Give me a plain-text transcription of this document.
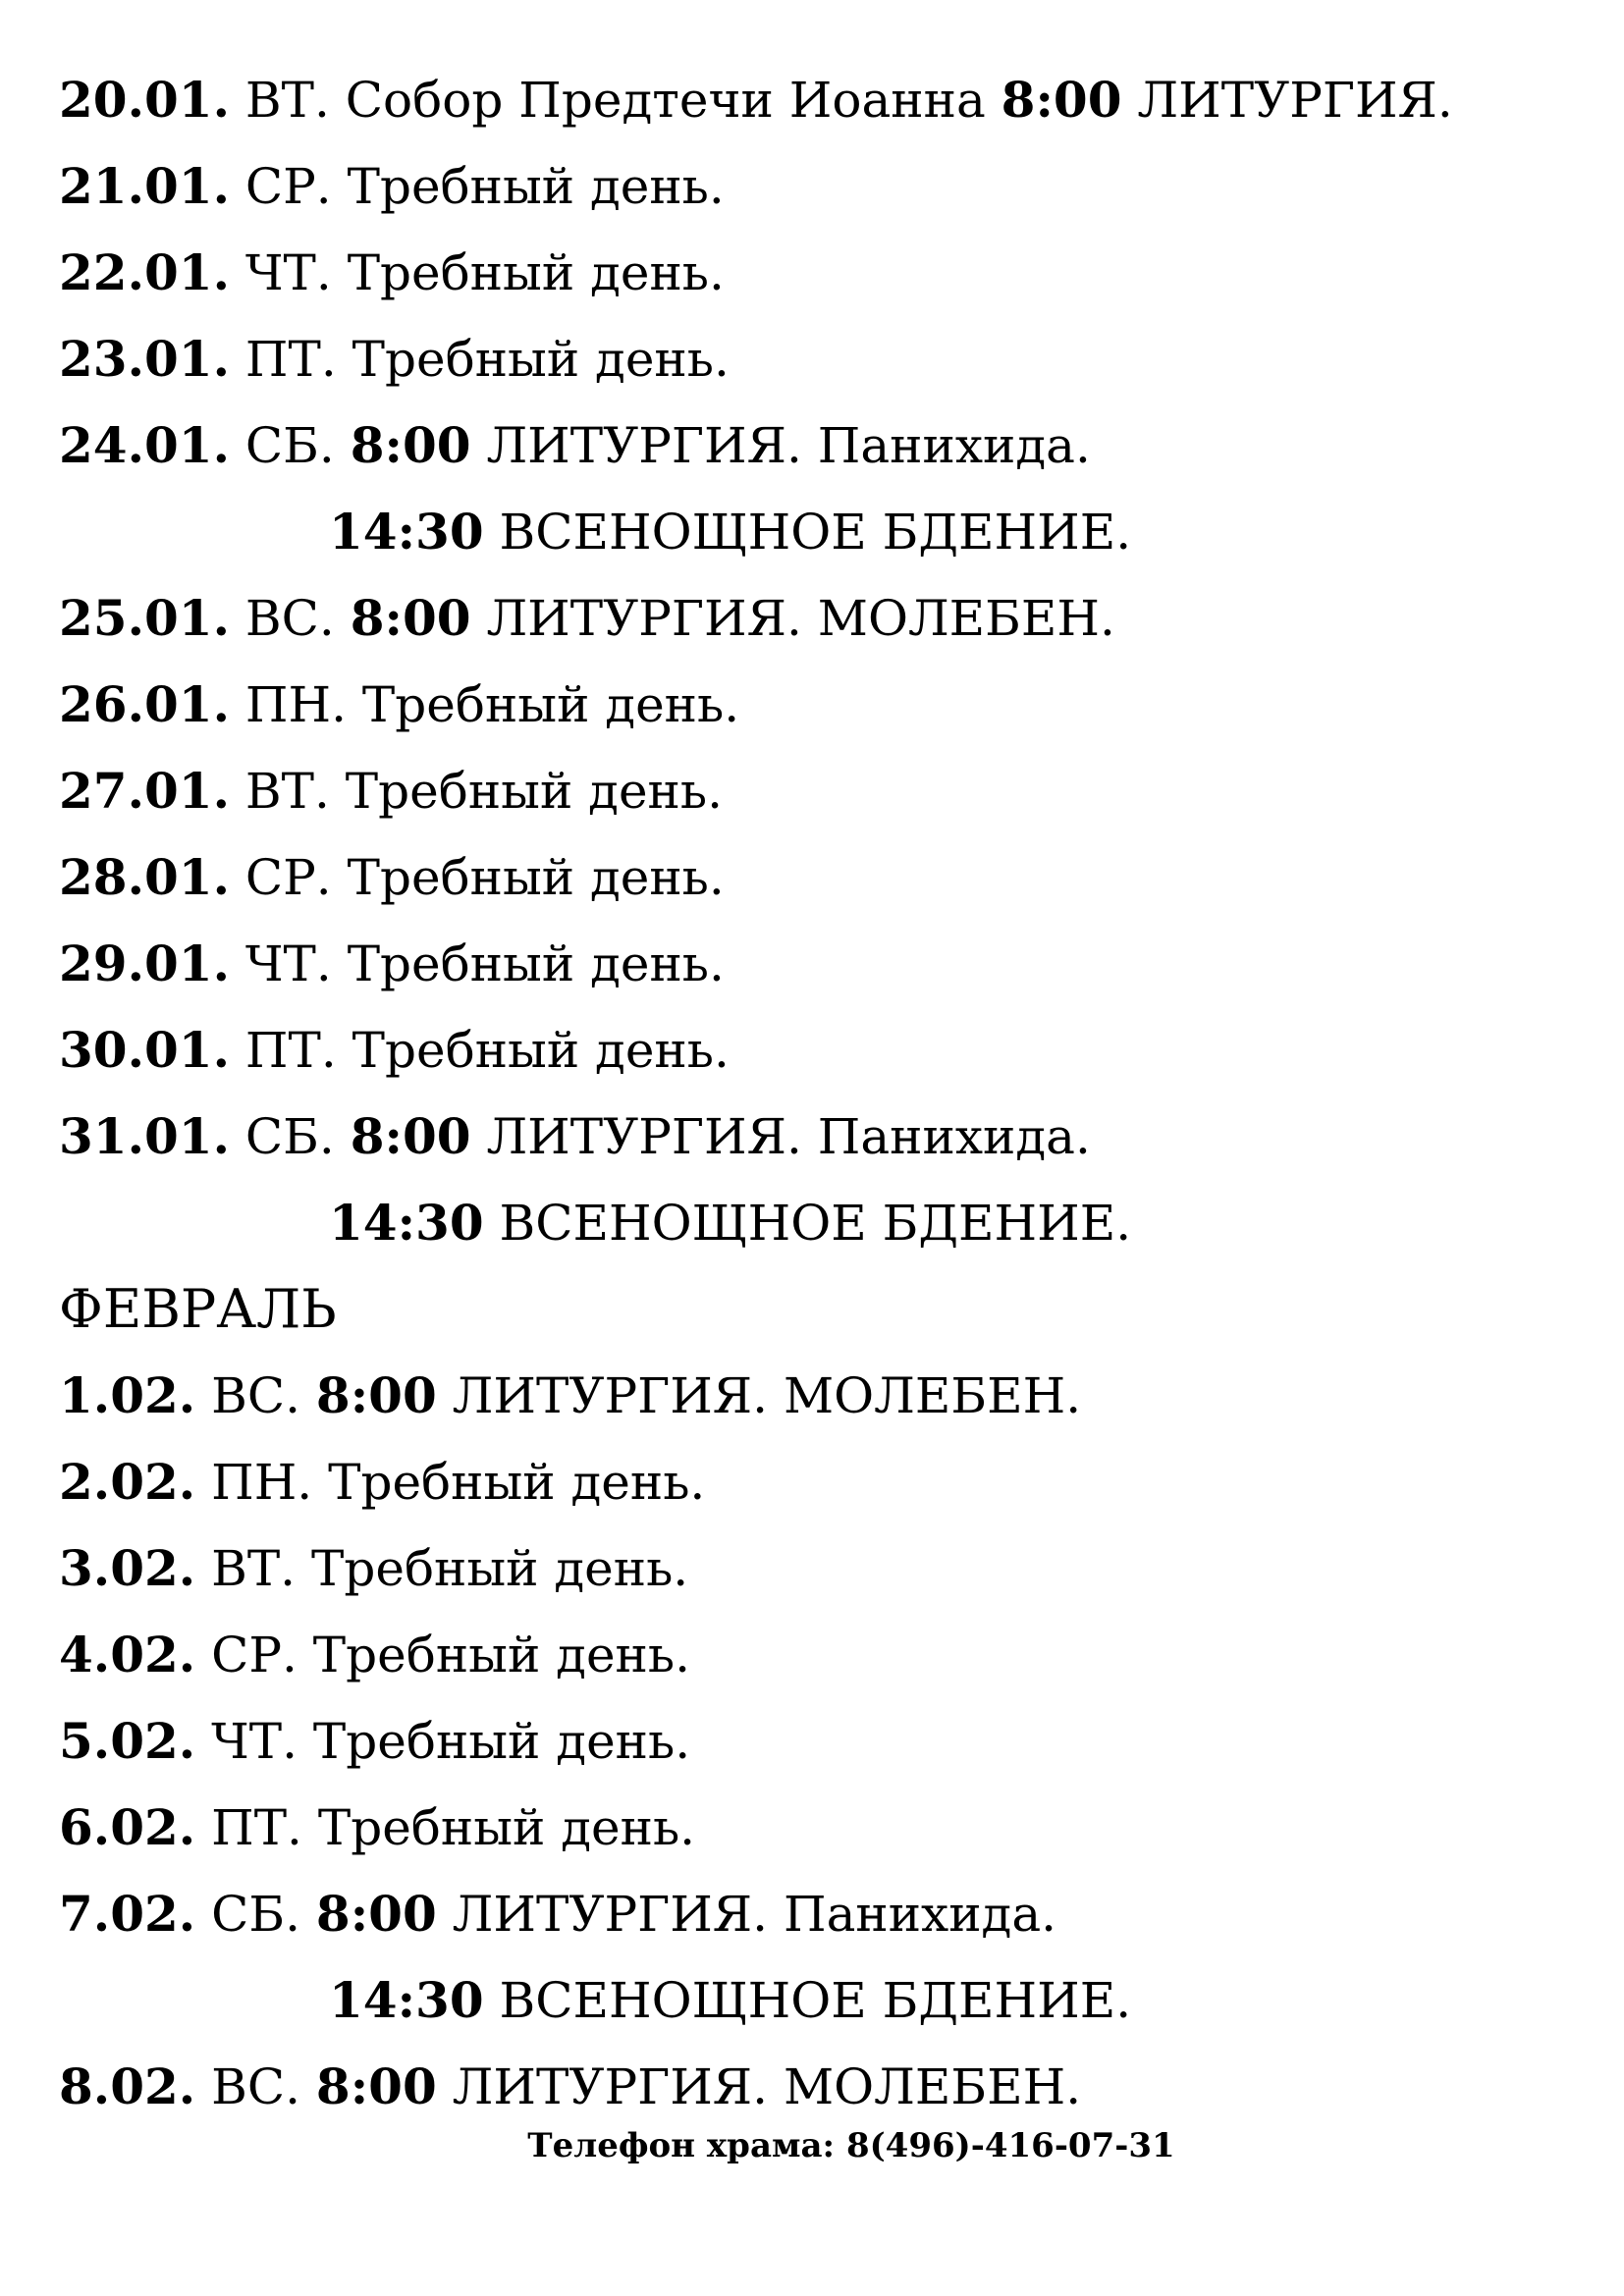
20.01. ВТ. Собор Предтечи Иоанна 8:00 ЛИТУРГИЯ.
21.01. СР. Требный день.
22.01. ЧТ. Требный день.
23.01. ПТ. Требный день.
24.01. СБ. 8:00 ЛИТУРГИЯ. Панихида.
14:30 ВСЕНОЩНОЕ БДЕНИЕ.
25.01. ВС. 8:00 ЛИТУРГИЯ. МОЛЕБЕН.
26.01. ПН. Требный день.
27.01. ВТ. Требный день.
28.01. СР. Требный день.
29.01. ЧТ. Требный день.
30.01. ПТ. Требный день.
31.01. СБ. 8:00 ЛИТУРГИЯ. Панихида.
14:30 ВСЕНОЩНОЕ БДЕНИЕ.
ФЕВРАЛЬ
1.02. ВС. 8:00 ЛИТУРГИЯ. МОЛЕБЕН.
2.02. ПН. Требный день.
3.02. ВТ. Требный день.
4.02. СР. Требный день.
5.02. ЧТ. Требный день.
6.02. ПТ. Требный день.
7.02. СБ. 8:00 ЛИТУРГИЯ. Панихида.
14:30 ВСЕНОЩНОЕ БДЕНИЕ.
8.02. ВС. 8:00 ЛИТУРГИЯ. МОЛЕБЕН.
Телефон храма: 8(496)-416-07-31
